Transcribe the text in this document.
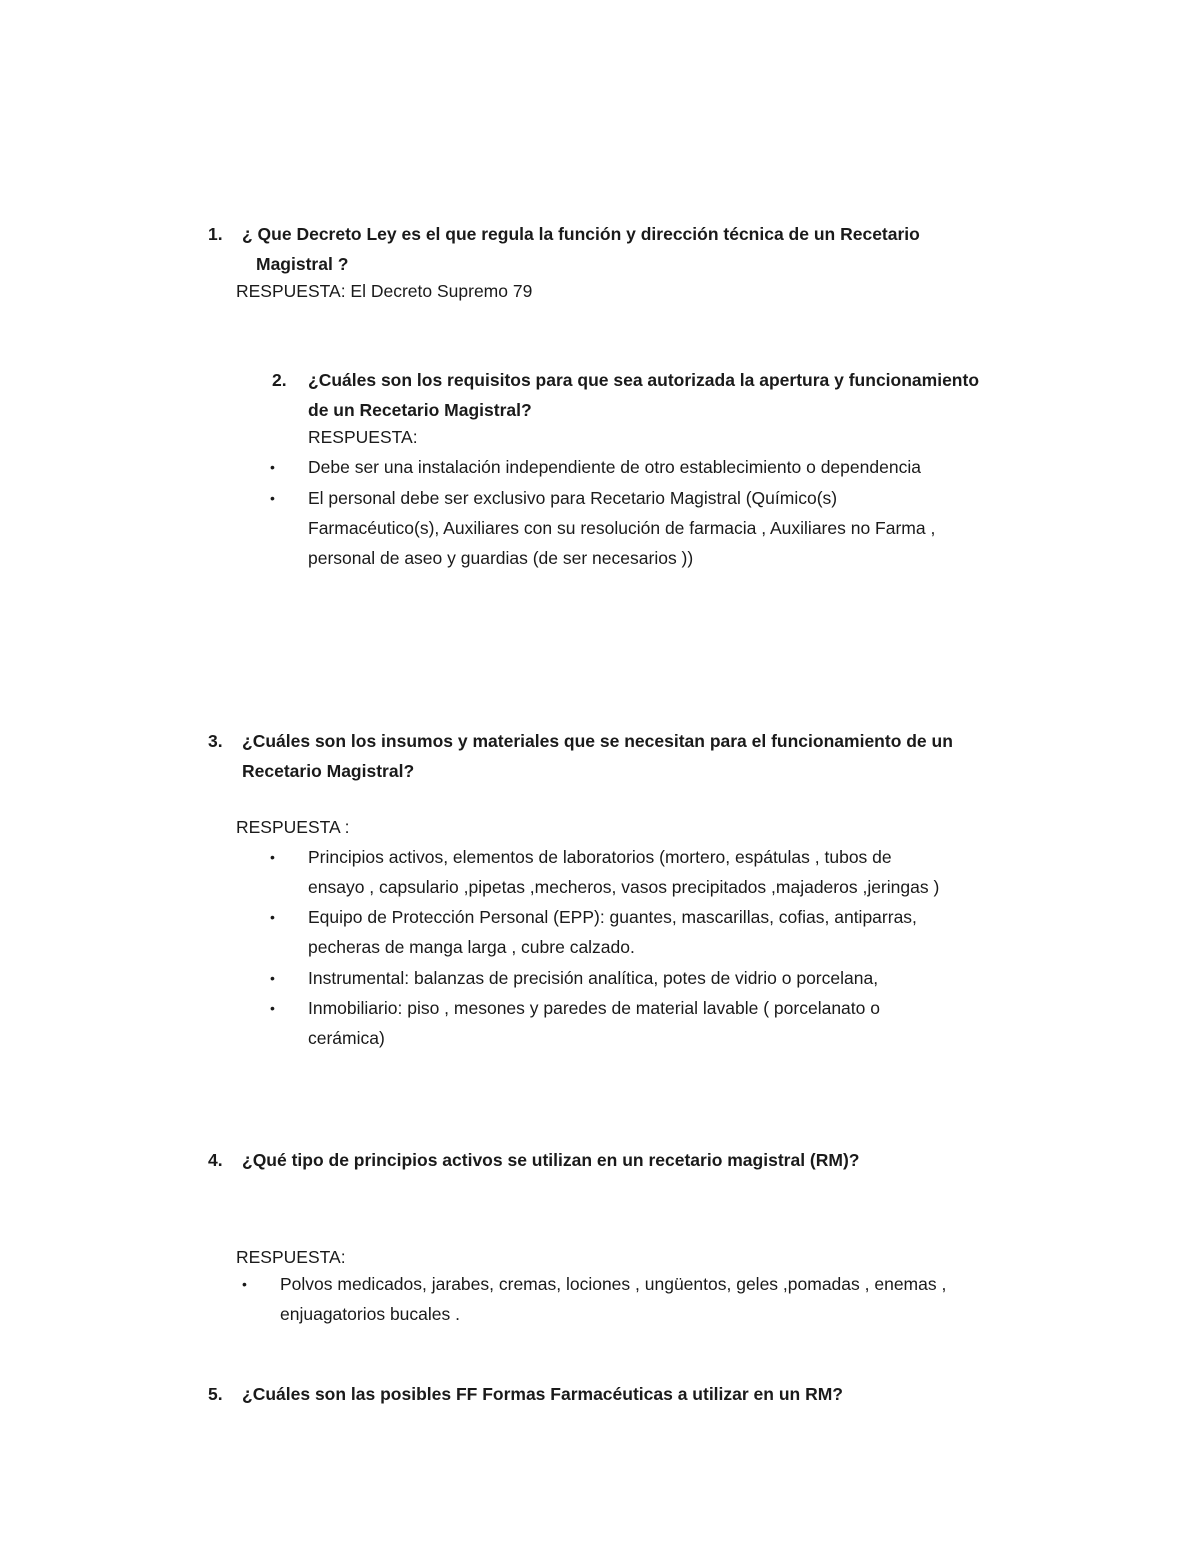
1. ¿ Que Decreto Ley es el que regula la función y dirección técnica de un Recetario
Magistral ?
RESPUESTA: El Decreto Supremo 79
2. ¿Cuáles son los requisitos para que sea autorizada la apertura y funcionamiento
de un Recetario Magistral?
RESPUESTA:
• Debe ser una instalación independiente de otro establecimiento o dependencia
• El personal debe ser exclusivo para Recetario Magistral (Químico(s)
Farmacéutico(s), Auxiliares con su resolución de farmacia , Auxiliares no Farma ,
personal de aseo y guardias (de ser necesarios ))
3. ¿Cuáles son los insumos y materiales que se necesitan para el funcionamiento de un
Recetario Magistral?
RESPUESTA :
• Principios activos, elementos de laboratorios (mortero, espátulas , tubos de
ensayo , capsulario ,pipetas ,mecheros, vasos precipitados ,majaderos ,jeringas )
• Equipo de Protección Personal (EPP): guantes, mascarillas, cofias, antiparras,
pecheras de manga larga , cubre calzado.
• Instrumental: balanzas de precisión analítica, potes de vidrio o porcelana,
• Inmobiliario: piso , mesones y paredes de material lavable ( porcelanato o
cerámica)
4. ¿Qué tipo de principios activos se utilizan en un recetario magistral (RM)?
RESPUESTA:
• Polvos medicados, jarabes, cremas, lociones , ungüentos, geles ,pomadas , enemas ,
enjuagatorios bucales .
5. ¿Cuáles son las posibles FF Formas Farmacéuticas a utilizar en un RM?
